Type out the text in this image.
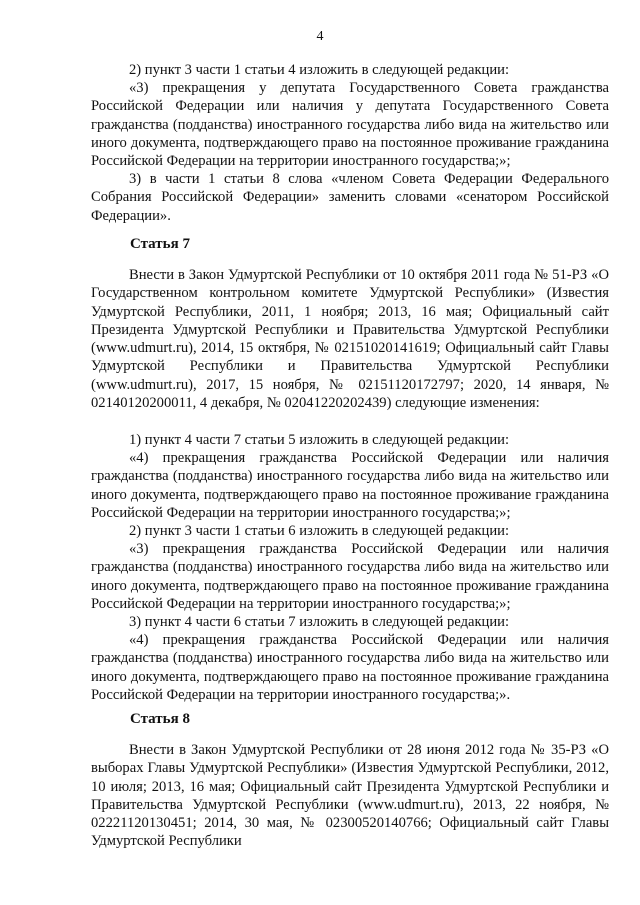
4
2) пункт 3 части 1 статьи 4 изложить в следующей редакции:
«3) прекращения у депутата Государственного Совета гражданства Российской Федерации или наличия у депутата Государственного Совета гражданства (подданства) иностранного государства либо вида на жительство или иного документа, подтверждающего право на постоянное проживание гражданина Российской Федерации на территории иностранного государства;»;
3) в части 1 статьи 8 слова «членом Совета Федерации Федерального Собрания Российской Федерации» заменить словами «сенатором Российской Федерации».
Статья 7
Внести в Закон Удмуртской Республики от 10 октября 2011 года № 51-РЗ «О Государственном контрольном комитете Удмуртской Республики» (Известия Удмуртской Республики, 2011, 1 ноября; 2013, 16 мая; Официальный сайт Президента Удмуртской Республики и Правительства Удмуртской Республики (www.udmurt.ru), 2014, 15 октября, № 02151020141619; Официальный сайт Главы Удмуртской Республики и Правительства Удмуртской Республики (www.udmurt.ru), 2017, 15 ноября, № 02151120172797; 2020, 14 января, № 02140120200011, 4 декабря, № 02041220202439) следующие изменения:
1) пункт 4 части 7 статьи 5 изложить в следующей редакции:
«4) прекращения гражданства Российской Федерации или наличия гражданства (подданства) иностранного государства либо вида на жительство или иного документа, подтверждающего право на постоянное проживание гражданина Российской Федерации на территории иностранного государства;»;
2) пункт 3 части 1 статьи 6 изложить в следующей редакции:
«3) прекращения гражданства Российской Федерации или наличия гражданства (подданства) иностранного государства либо вида на жительство или иного документа, подтверждающего право на постоянное проживание гражданина Российской Федерации на территории иностранного государства;»;
3) пункт 4 части 6 статьи 7 изложить в следующей редакции:
«4) прекращения гражданства Российской Федерации или наличия гражданства (подданства) иностранного государства либо вида на жительство или иного документа, подтверждающего право на постоянное проживание гражданина Российской Федерации на территории иностранного государства;».
Статья 8
Внести в Закон Удмуртской Республики от 28 июня 2012 года № 35-РЗ «О выборах Главы Удмуртской Республики» (Известия Удмуртской Республики, 2012, 10 июля; 2013, 16 мая; Официальный сайт Президента Удмуртской Республики и Правительства Удмуртской Республики (www.udmurt.ru), 2013, 22 ноября, № 02221120130451; 2014, 30 мая, № 02300520140766; Официальный сайт Главы Удмуртской Республики
